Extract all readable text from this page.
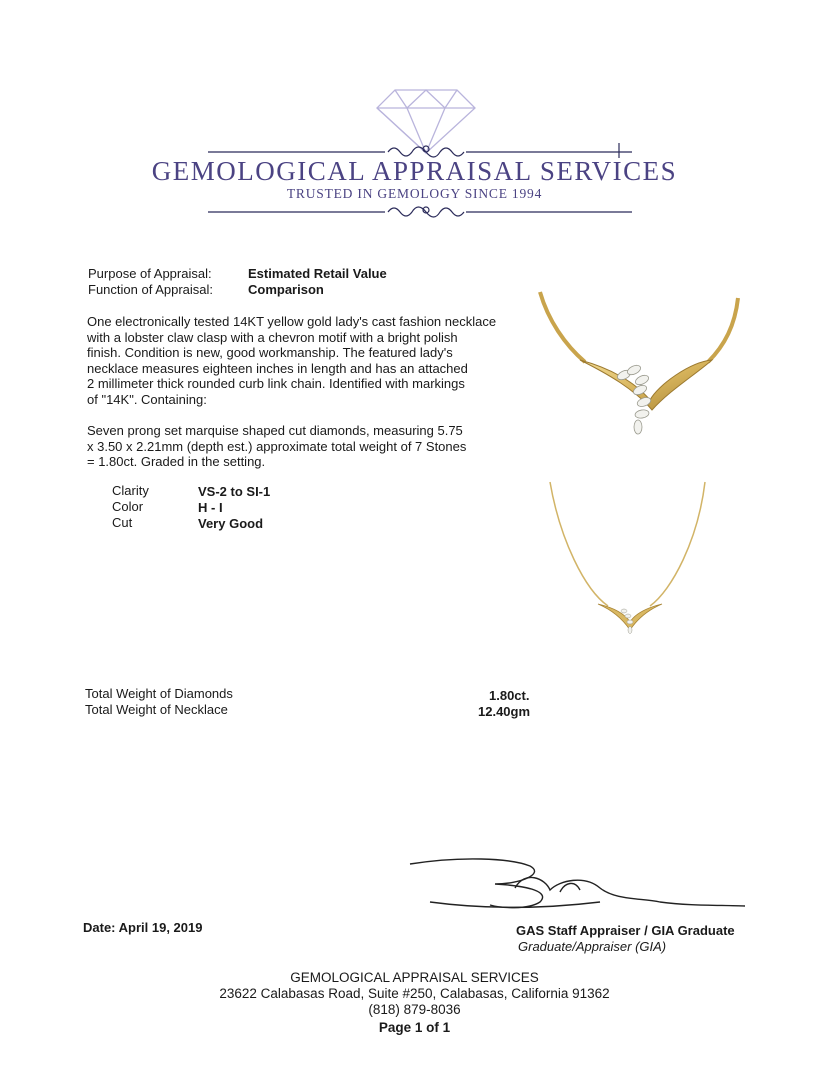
GEMOLOGICAL APPRAISAL SERVICES
TRUSTED IN GEMOLOGY SINCE 1994
Purpose of Appraisal:	Estimated Retail Value
Function of Appraisal:	Comparison
One electronically tested 14KT yellow gold lady's cast fashion necklace
with a lobster claw clasp with a chevron motif with a bright polish
finish. Condition is new, good workmanship. The featured lady's
necklace measures eighteen inches in length and has an attached
2 millimeter thick rounded curb link chain. Identified with markings
of "14K". Containing:
Seven prong set marquise shaped cut diamonds, measuring 5.75
x 3.50 x 2.21mm (depth est.) approximate total weight of 7 Stones
= 1.80ct. Graded in the setting.
Clarity	VS-2 to SI-1
Color	H - I
Cut	Very Good
Total Weight of Diamonds	1.80ct.
Total Weight of Necklace	12.40gm
Date: April 19, 2019	GAS Staff Appraiser / GIA Graduate
Graduate/Appraiser (GIA)
GEMOLOGICAL APPRAISAL SERVICES
23622 Calabasas Road, Suite #250, Calabasas, California 91362
(818) 879-8036
Page 1 of 1
